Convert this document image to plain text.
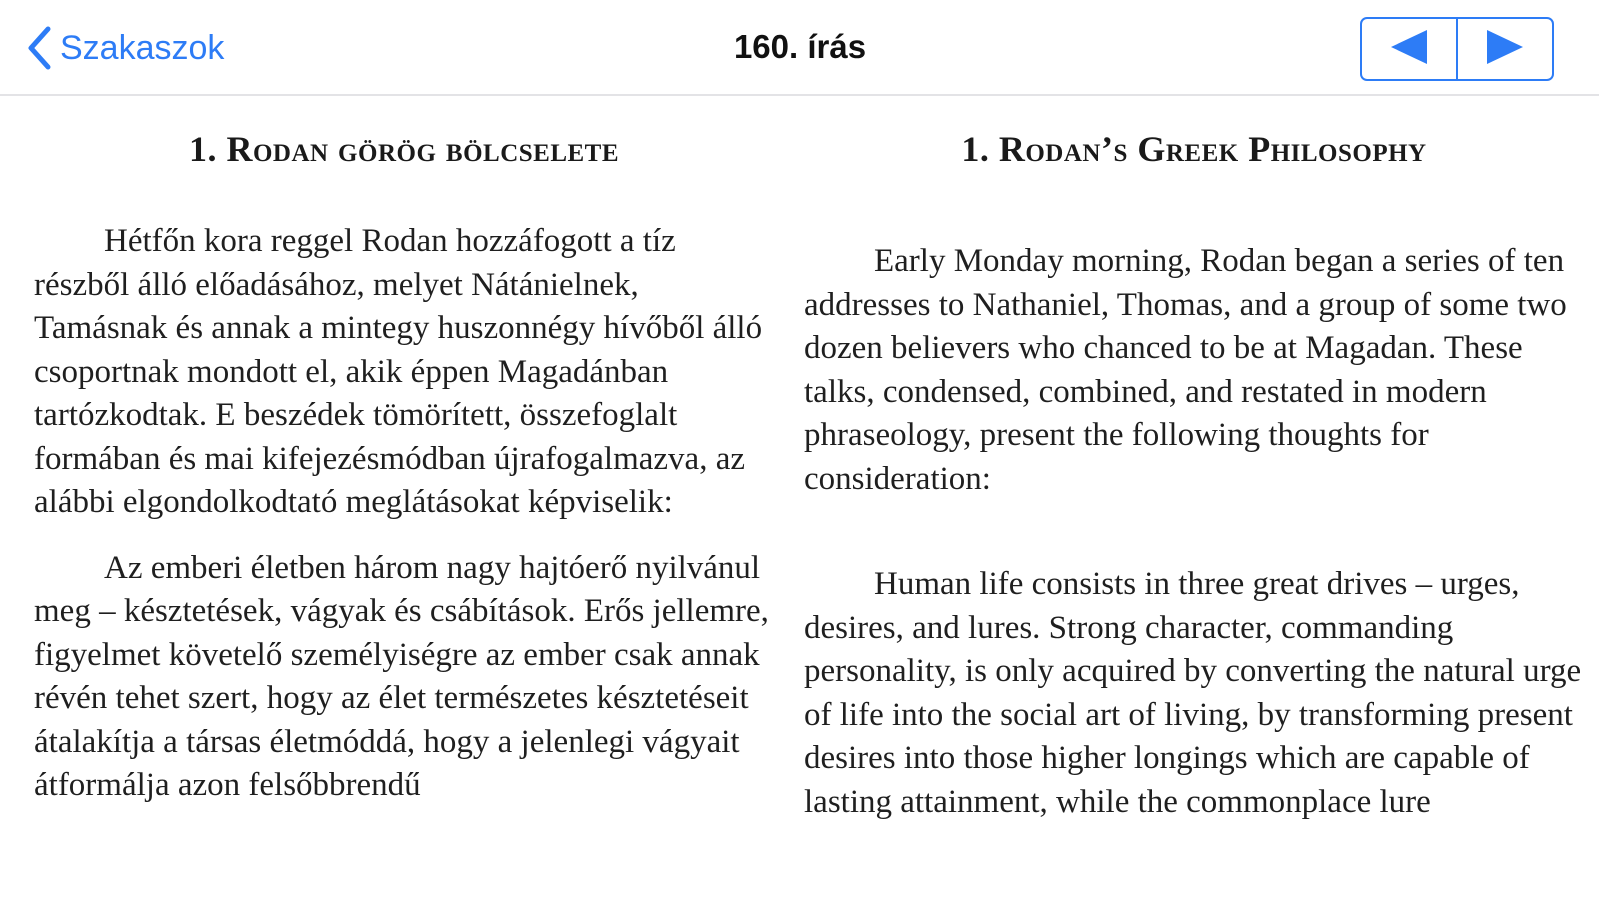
Szakaszok	160. írás
1. Rodan görög bölcselete

Hétfőn kora reggel Rodan hozzáfogott a tíz részből álló előadásához, melyet Nátánielnek, Tamásnak és annak a mintegy huszonnégy hívőből álló csoportnak mondott el, akik éppen Magadánban tartózkodtak. E beszédek tömörített, összefoglalt formában és mai kifejezésmódban újrafogalmazva, az alábbi elgondolkodtató meglátásokat képviselik:

Az emberi életben három nagy hajtóerő nyilvánul meg – késztetések, vágyak és csábítások. Erős jellemre, figyelmet követelő személyiségre az ember csak annak révén tehet szert, hogy az élet természetes késztetéseit átalakítja a társas életmóddá, hogy a jelenlegi vágyait átformálja azon felsőbbrendű

1. Rodan’s Greek Philosophy

Early Monday morning, Rodan began a series of ten addresses to Nathaniel, Thomas, and a group of some two dozen believers who chanced to be at Magadan. These talks, condensed, combined, and restated in modern phraseology, present the following thoughts for consideration:

Human life consists in three great drives – urges, desires, and lures. Strong character, commanding personality, is only acquired by converting the natural urge of life into the social art of living, by transforming present desires into those higher longings which are capable of lasting attainment, while the commonplace lure
